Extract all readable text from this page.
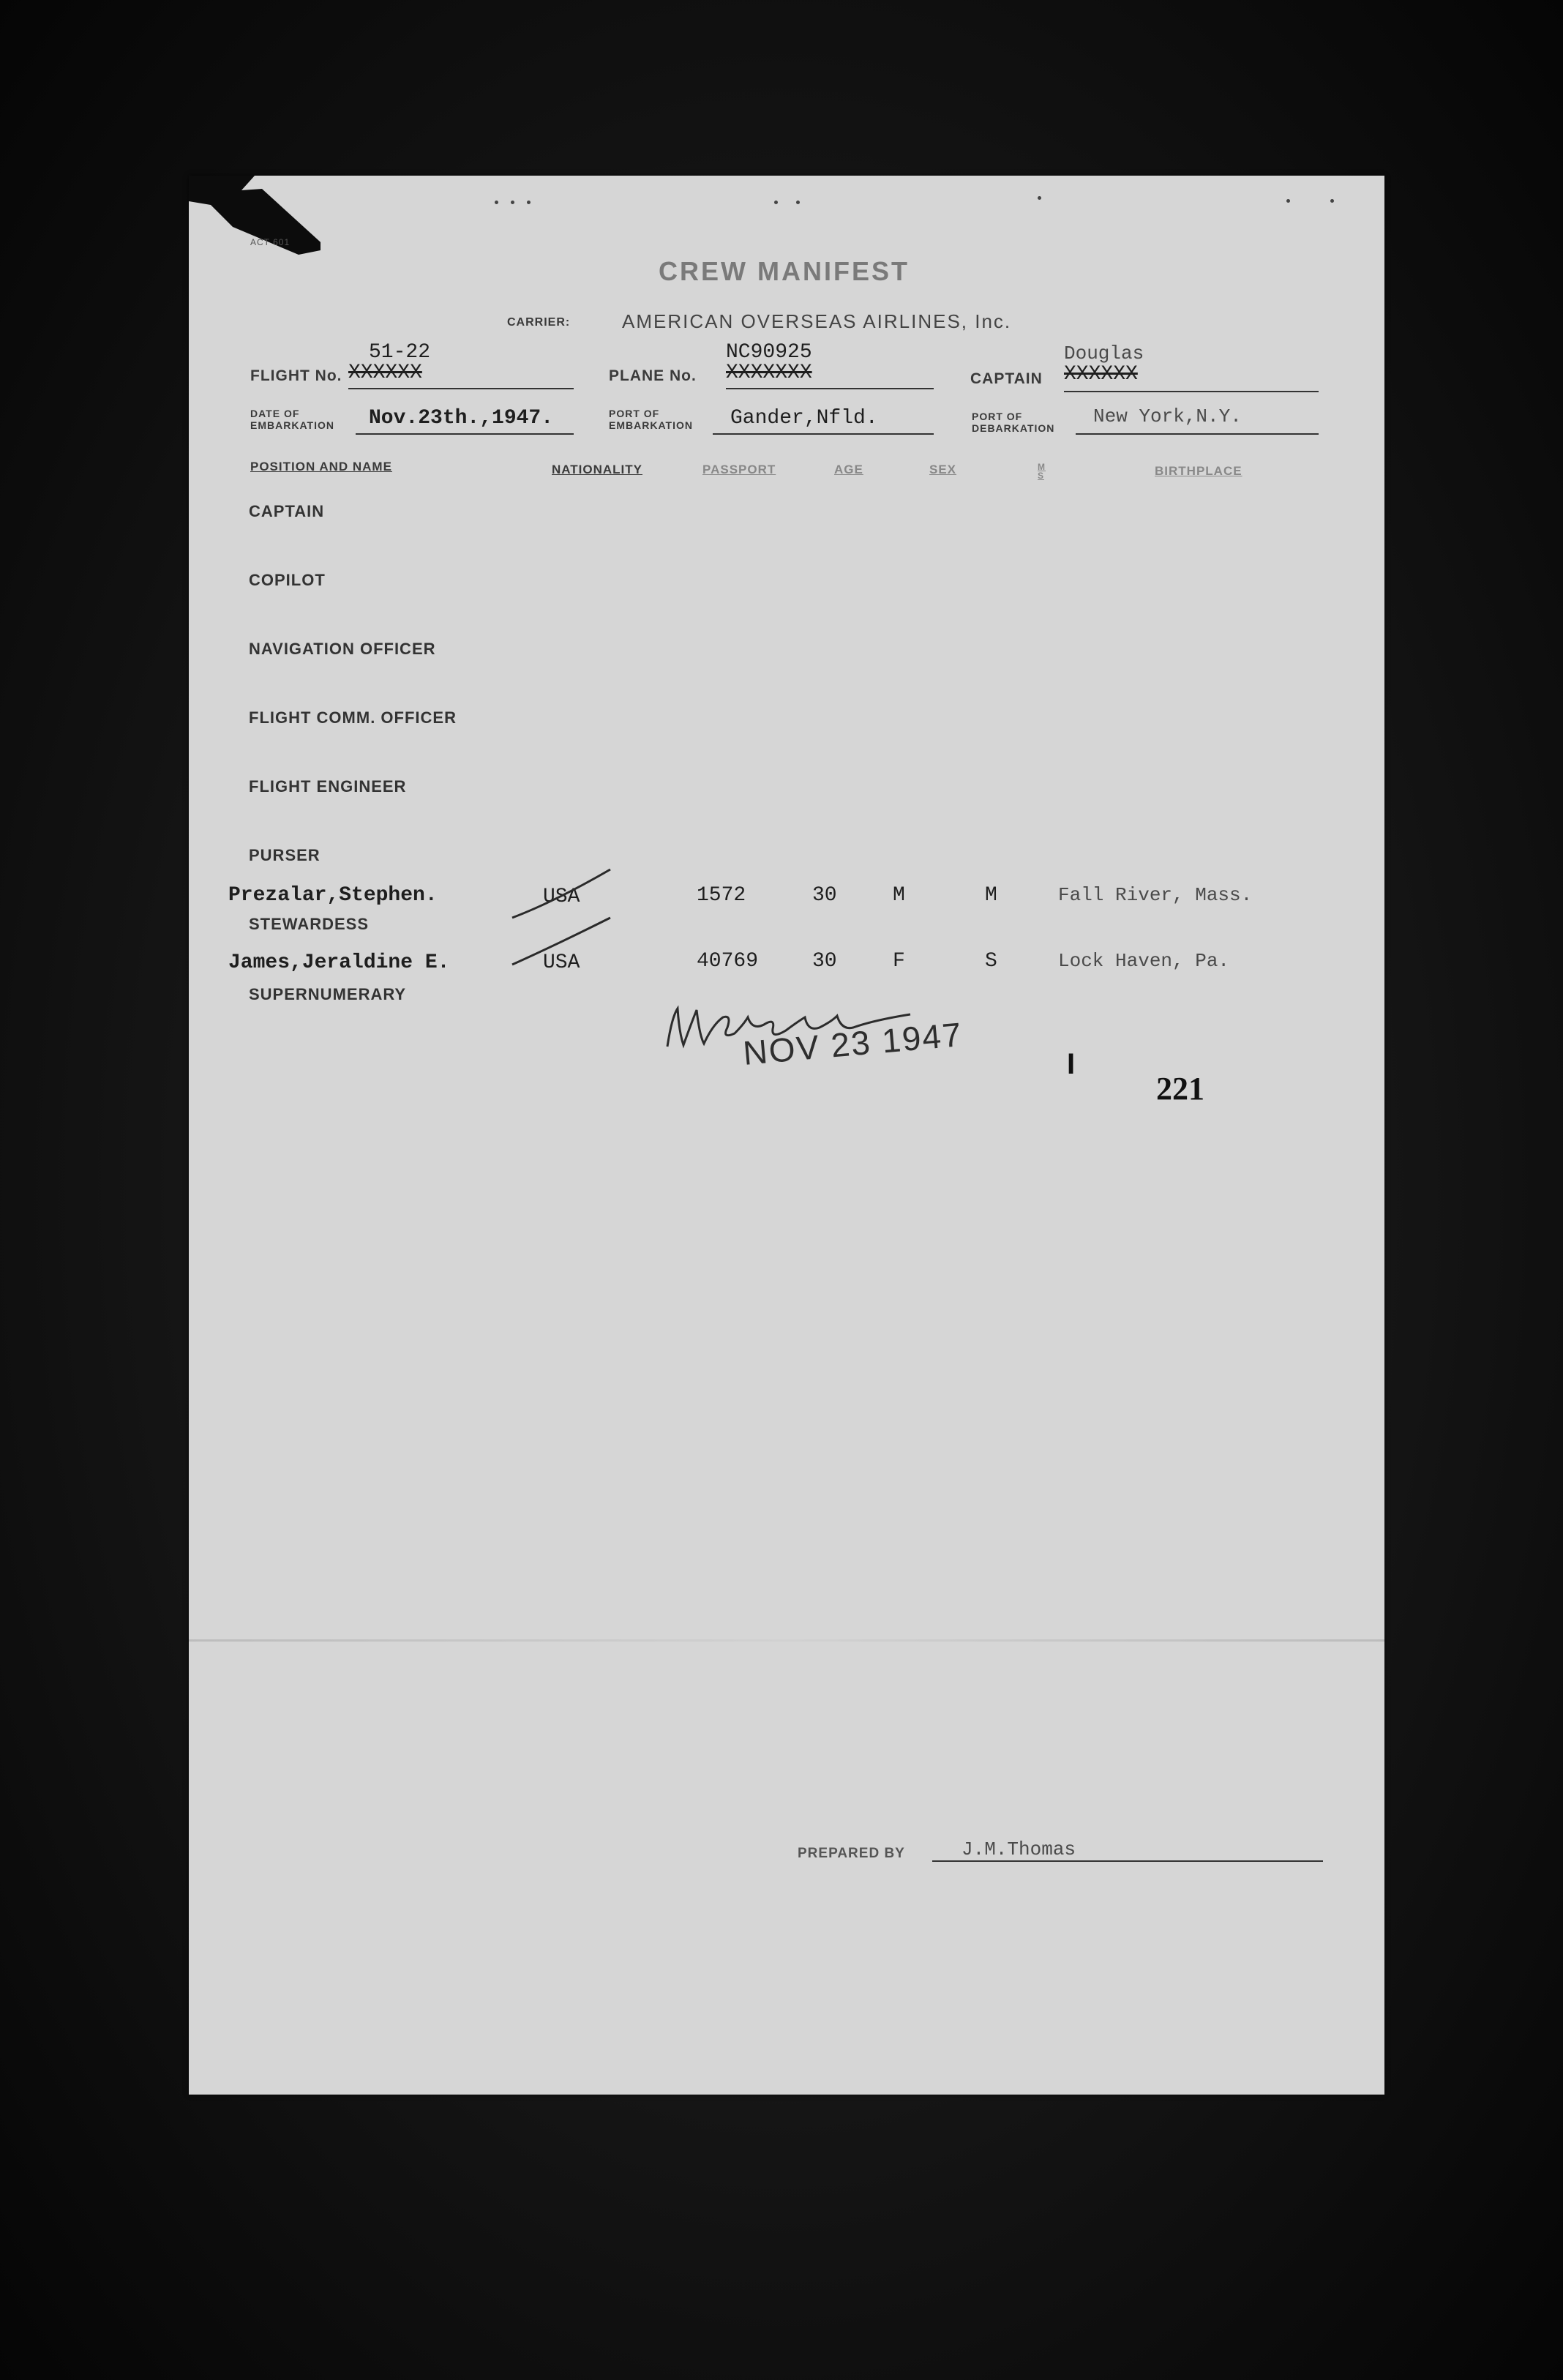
ACT 601
CREW MANIFEST
CARRIER:	AMERICAN OVERSEAS AIRLINES, Inc.
FLIGHT No.
51-22
XXXXXX	PLANE No.
NC90925
XXXXXXX	CAPTAIN
Douglas
XXXXXX
DATE OF
EMBARKATION Nov.23th.,1947.	PORT OF
EMBARKATION Gander,Nfld.	PORT OF
DEBARKATION
New York,N.Y.
POSITION AND NAME	NATIONALITY	PASSPORT	AGE	SEX	M S	BIRTHPLACE
CAPTAIN
COPILOT
NAVIGATION OFFICER
FLIGHT COMM. OFFICER
FLIGHT ENGINEER
PURSER
STEWARDESS
SUPERNUMERARY
Prezalar,Stephen.	USA	1572	30	M	M	Fall River, Mass.
James,Jeraldine E.	USA	40769	30	F	S	Lock Haven, Pa.
NOV 23 1947	I
221
PREPARED BY	J.M.Thomas
